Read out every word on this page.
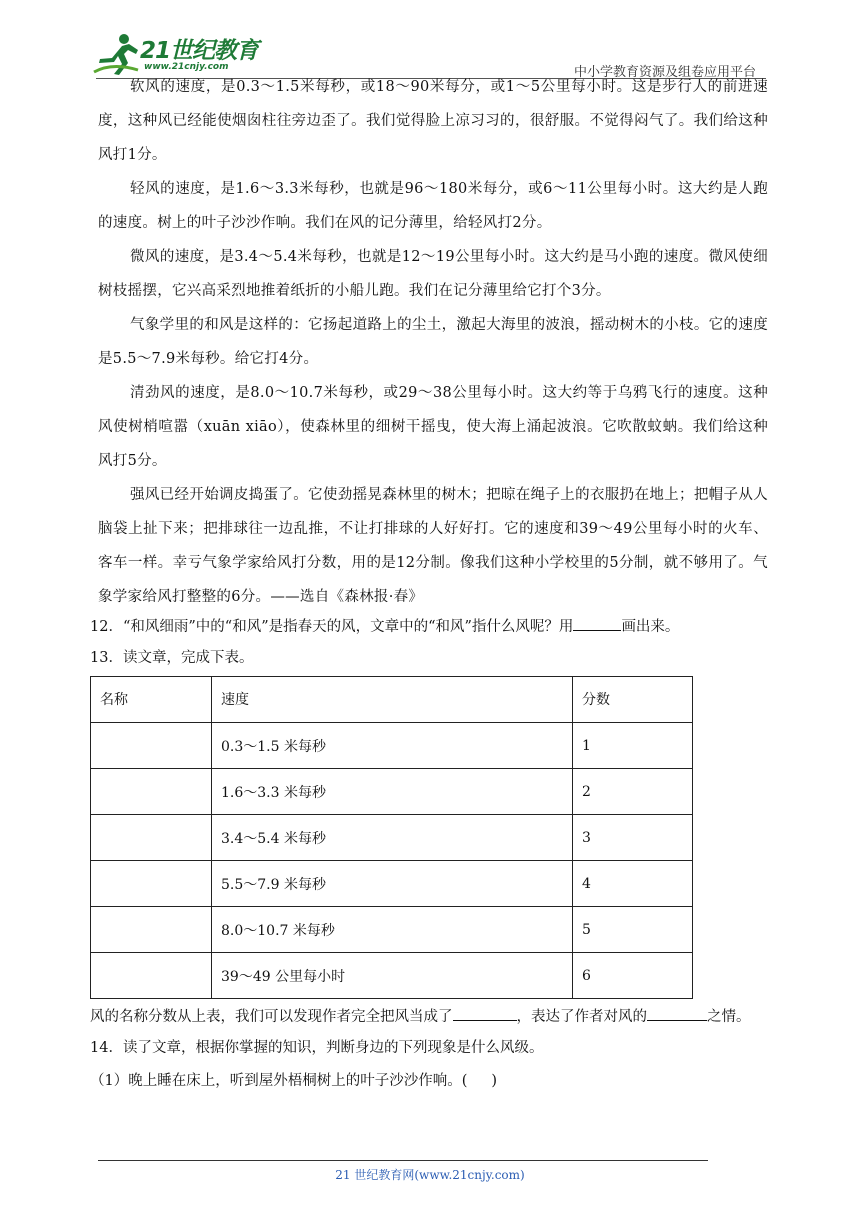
21世纪教育
www.21cnjy.com	中小学教育资源及组卷应用平台
软风的速度，是0.3～1.5米每秒，或18～90米每分，或1～5公里每小时。这是步行人的前进速度，这种风已经能使烟囱柱往旁边歪了。我们觉得脸上凉习习的，很舒服。不觉得闷气了。我们给这种风打1分。
轻风的速度，是1.6～3.3米每秒，也就是96～180米每分，或6～11公里每小时。这大约是人跑的速度。树上的叶子沙沙作响。我们在风的记分薄里，给轻风打2分。
微风的速度，是3.4～5.4米每秒，也就是12～19公里每小时。这大约是马小跑的速度。微风使细树枝摇摆，它兴高采烈地推着纸折的小船儿跑。我们在记分薄里给它打个3分。
气象学里的和风是这样的：它扬起道路上的尘土，激起大海里的波浪，摇动树木的小枝。它的速度是5.5～7.9米每秒。给它打4分。
清劲风的速度，是8.0～10.7米每秒，或29～38公里每小时。这大约等于乌鸦飞行的速度。这种风使树梢喧嚣（xuān xiāo），使森林里的细树干摇曳，使大海上涌起波浪。它吹散蚊蚋。我们给这种风打5分。
强风已经开始调皮捣蛋了。它使劲摇晃森林里的树木；把晾在绳子上的衣服扔在地上；把帽子从人脑袋上扯下来；把排球往一边乱推，不让打排球的人好好打。它的速度和39～49公里每小时的火车、客车一样。幸亏气象学家给风打分数，用的是12分制。像我们这种小学校里的5分制，就不够用了。气象学家给风打整整的6分。——选自《森林报·春》
12．“和风细雨”中的“和风”是指春天的风，文章中的“和风”指什么风呢？用	画出来。
13．读文章，完成下表。
名称	速度	分数
	0.3～1.5 米每秒	1
	1.6～3.3 米每秒	2
	3.4～5.4 米每秒	3
	5.5～7.9 米每秒	4
	8.0～10.7 米每秒	5
	39～49 公里每小时	6
风的名称分数从上表，我们可以发现作者完全把风当成了	，表达了作者对风的	之情。
14．读了文章，根据你掌握的知识，判断身边的下列现象是什么风级。
（1）晚上睡在床上，听到屋外梧桐树上的叶子沙沙作响。( )
21 世纪教育网(www.21cnjy.com)
